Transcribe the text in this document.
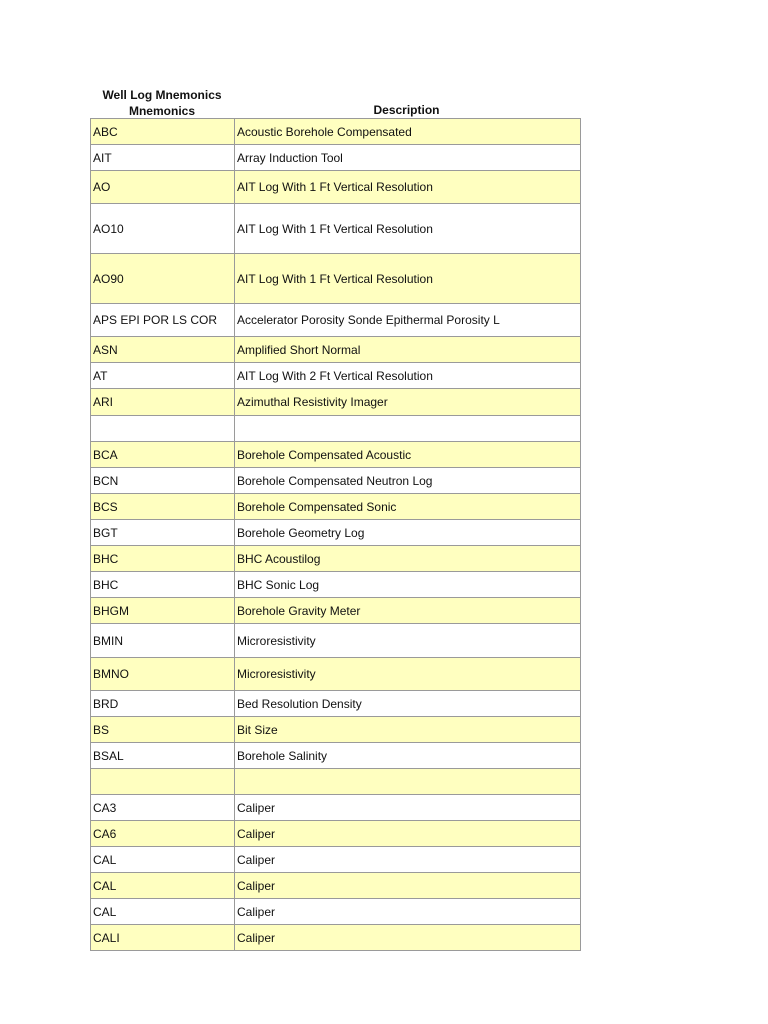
Well Log Mnemonics
Mnemonics	Description
ABC	Acoustic Borehole Compensated
AIT	Array Induction Tool
AO	AIT Log With 1 Ft Vertical Resolution
AO10	AIT Log With 1 Ft Vertical Resolution
AO90	AIT Log With 1 Ft Vertical Resolution
APS EPI POR LS COR	Accelerator Porosity Sonde Epithermal Porosity L
ASN	Amplified Short Normal
AT	AIT Log With 2 Ft Vertical Resolution
ARI	Azimuthal Resistivity Imager

BCA	Borehole Compensated Acoustic
BCN	Borehole Compensated Neutron Log
BCS	Borehole Compensated Sonic
BGT	Borehole Geometry Log
BHC	BHC Acoustilog
BHC	BHC Sonic Log
BHGM	Borehole Gravity Meter
BMIN	Microresistivity
BMNO	Microresistivity
BRD	Bed Resolution Density
BS	Bit Size
BSAL	Borehole Salinity

CA3	Caliper
CA6	Caliper
CAL	Caliper
CAL	Caliper
CAL	Caliper
CALI	Caliper
